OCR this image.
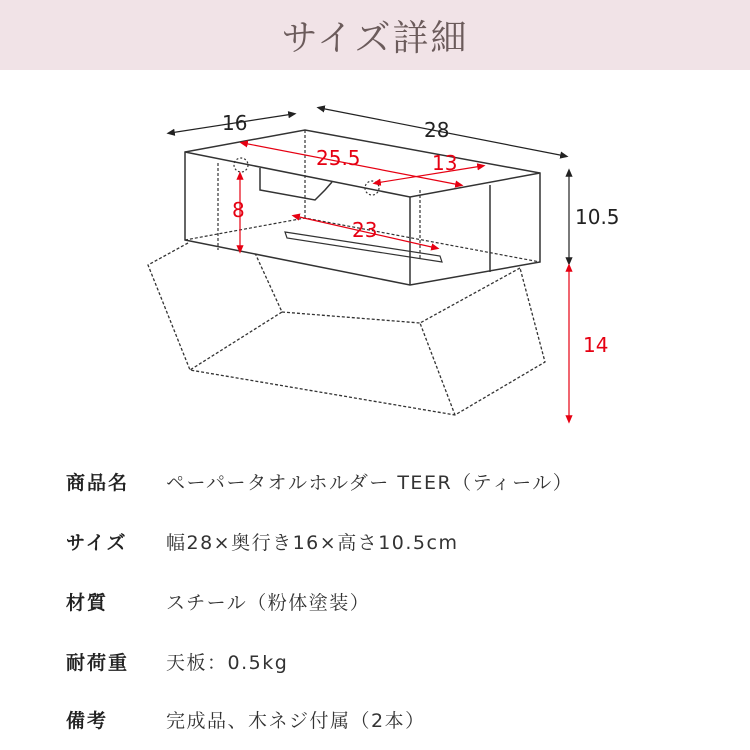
サイズ詳細
16	28
25.5	13
8
23
10.5
14
商品名 ペーパータオルホルダー TEER（ティール）
サイズ 幅28×奥行き16×高さ10.5cm
材質	スチール（粉体塗装）
耐荷重 天板：0.5kg
備考	完成品、木ネジ付属（2本）
